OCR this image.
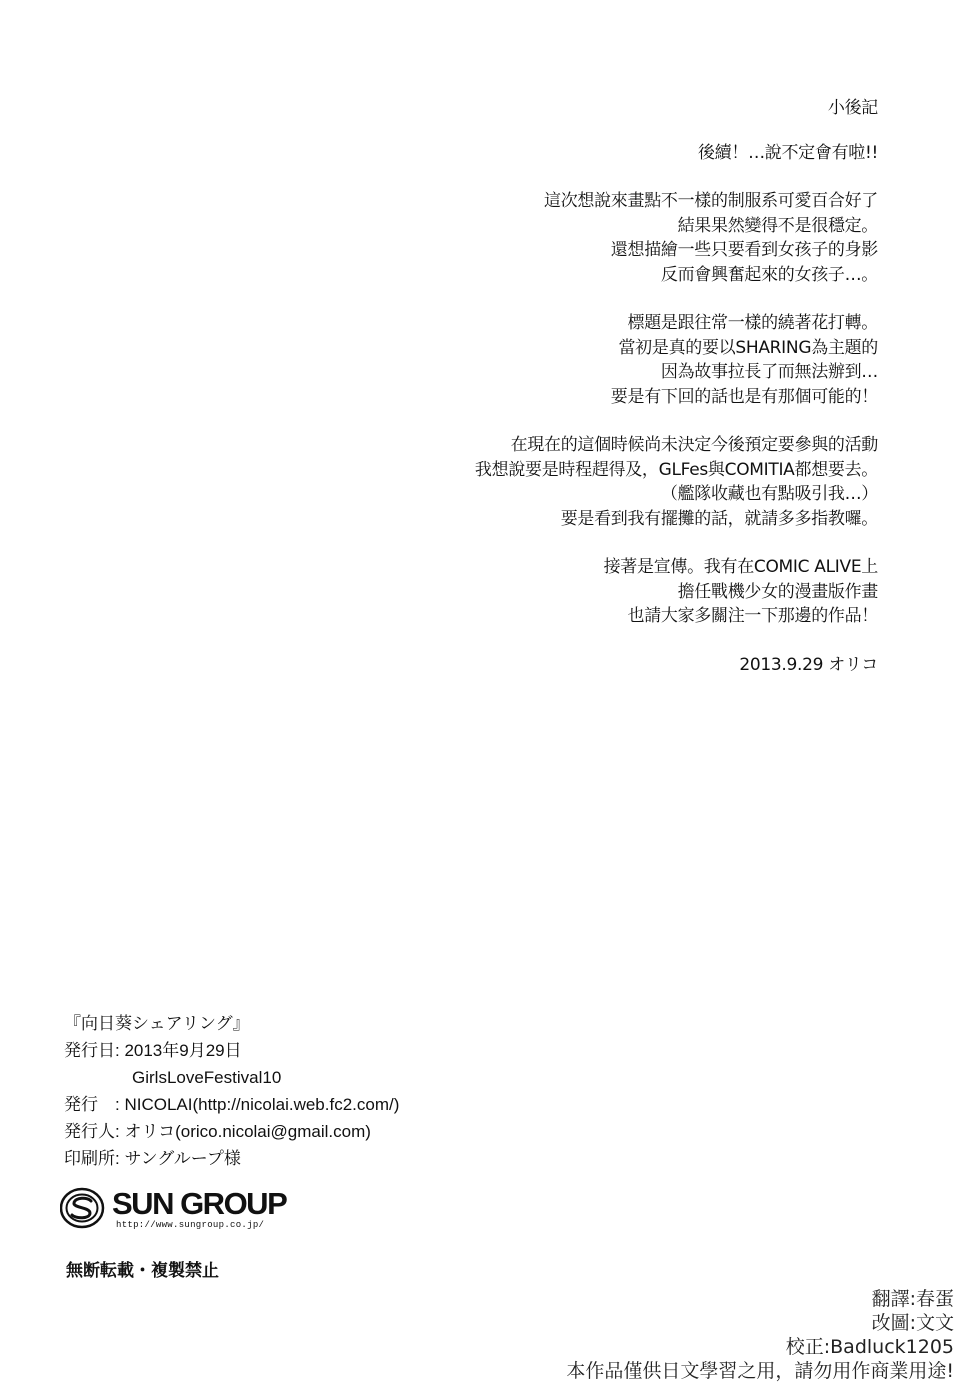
小後記
後續！…說不定會有啦!!
這次想說來畫點不一樣的制服系可愛百合好了
結果果然變得不是很穩定。
還想描繪一些只要看到女孩子的身影
反而會興奮起來的女孩子…。
標題是跟往常一樣的繞著花打轉。
當初是真的要以SHARING為主題的
因為故事拉長了而無法辦到…
要是有下回的話也是有那個可能的！
在現在的這個時候尚未決定今後預定要參與的活動
我想說要是時程趕得及，GLFes與COMITIA都想要去。
（艦隊收藏也有點吸引我…）
要是看到我有擺攤的話，就請多多指教囉。
接著是宣傳。我有在COMIC ALIVE上
擔任戰機少女的漫畫版作畫
也請大家多關注一下那邊的作品！
2013.9.29 オリコ
『向日葵シェアリング』
発行日: 2013年9月29日
GirlsLoveFestival10
発行　: NICOLAI(http://nicolai.web.fc2.com/)
発行人: オリコ(orico.nicolai@gmail.com)
印刷所: サングループ様
SUN GROUP
http://www.sungroup.co.jp/
無断転載・複製禁止
翻譯:春蛋
改圖:文文
校正:Badluck1205
本作品僅供日文學習之用，請勿用作商業用途!
